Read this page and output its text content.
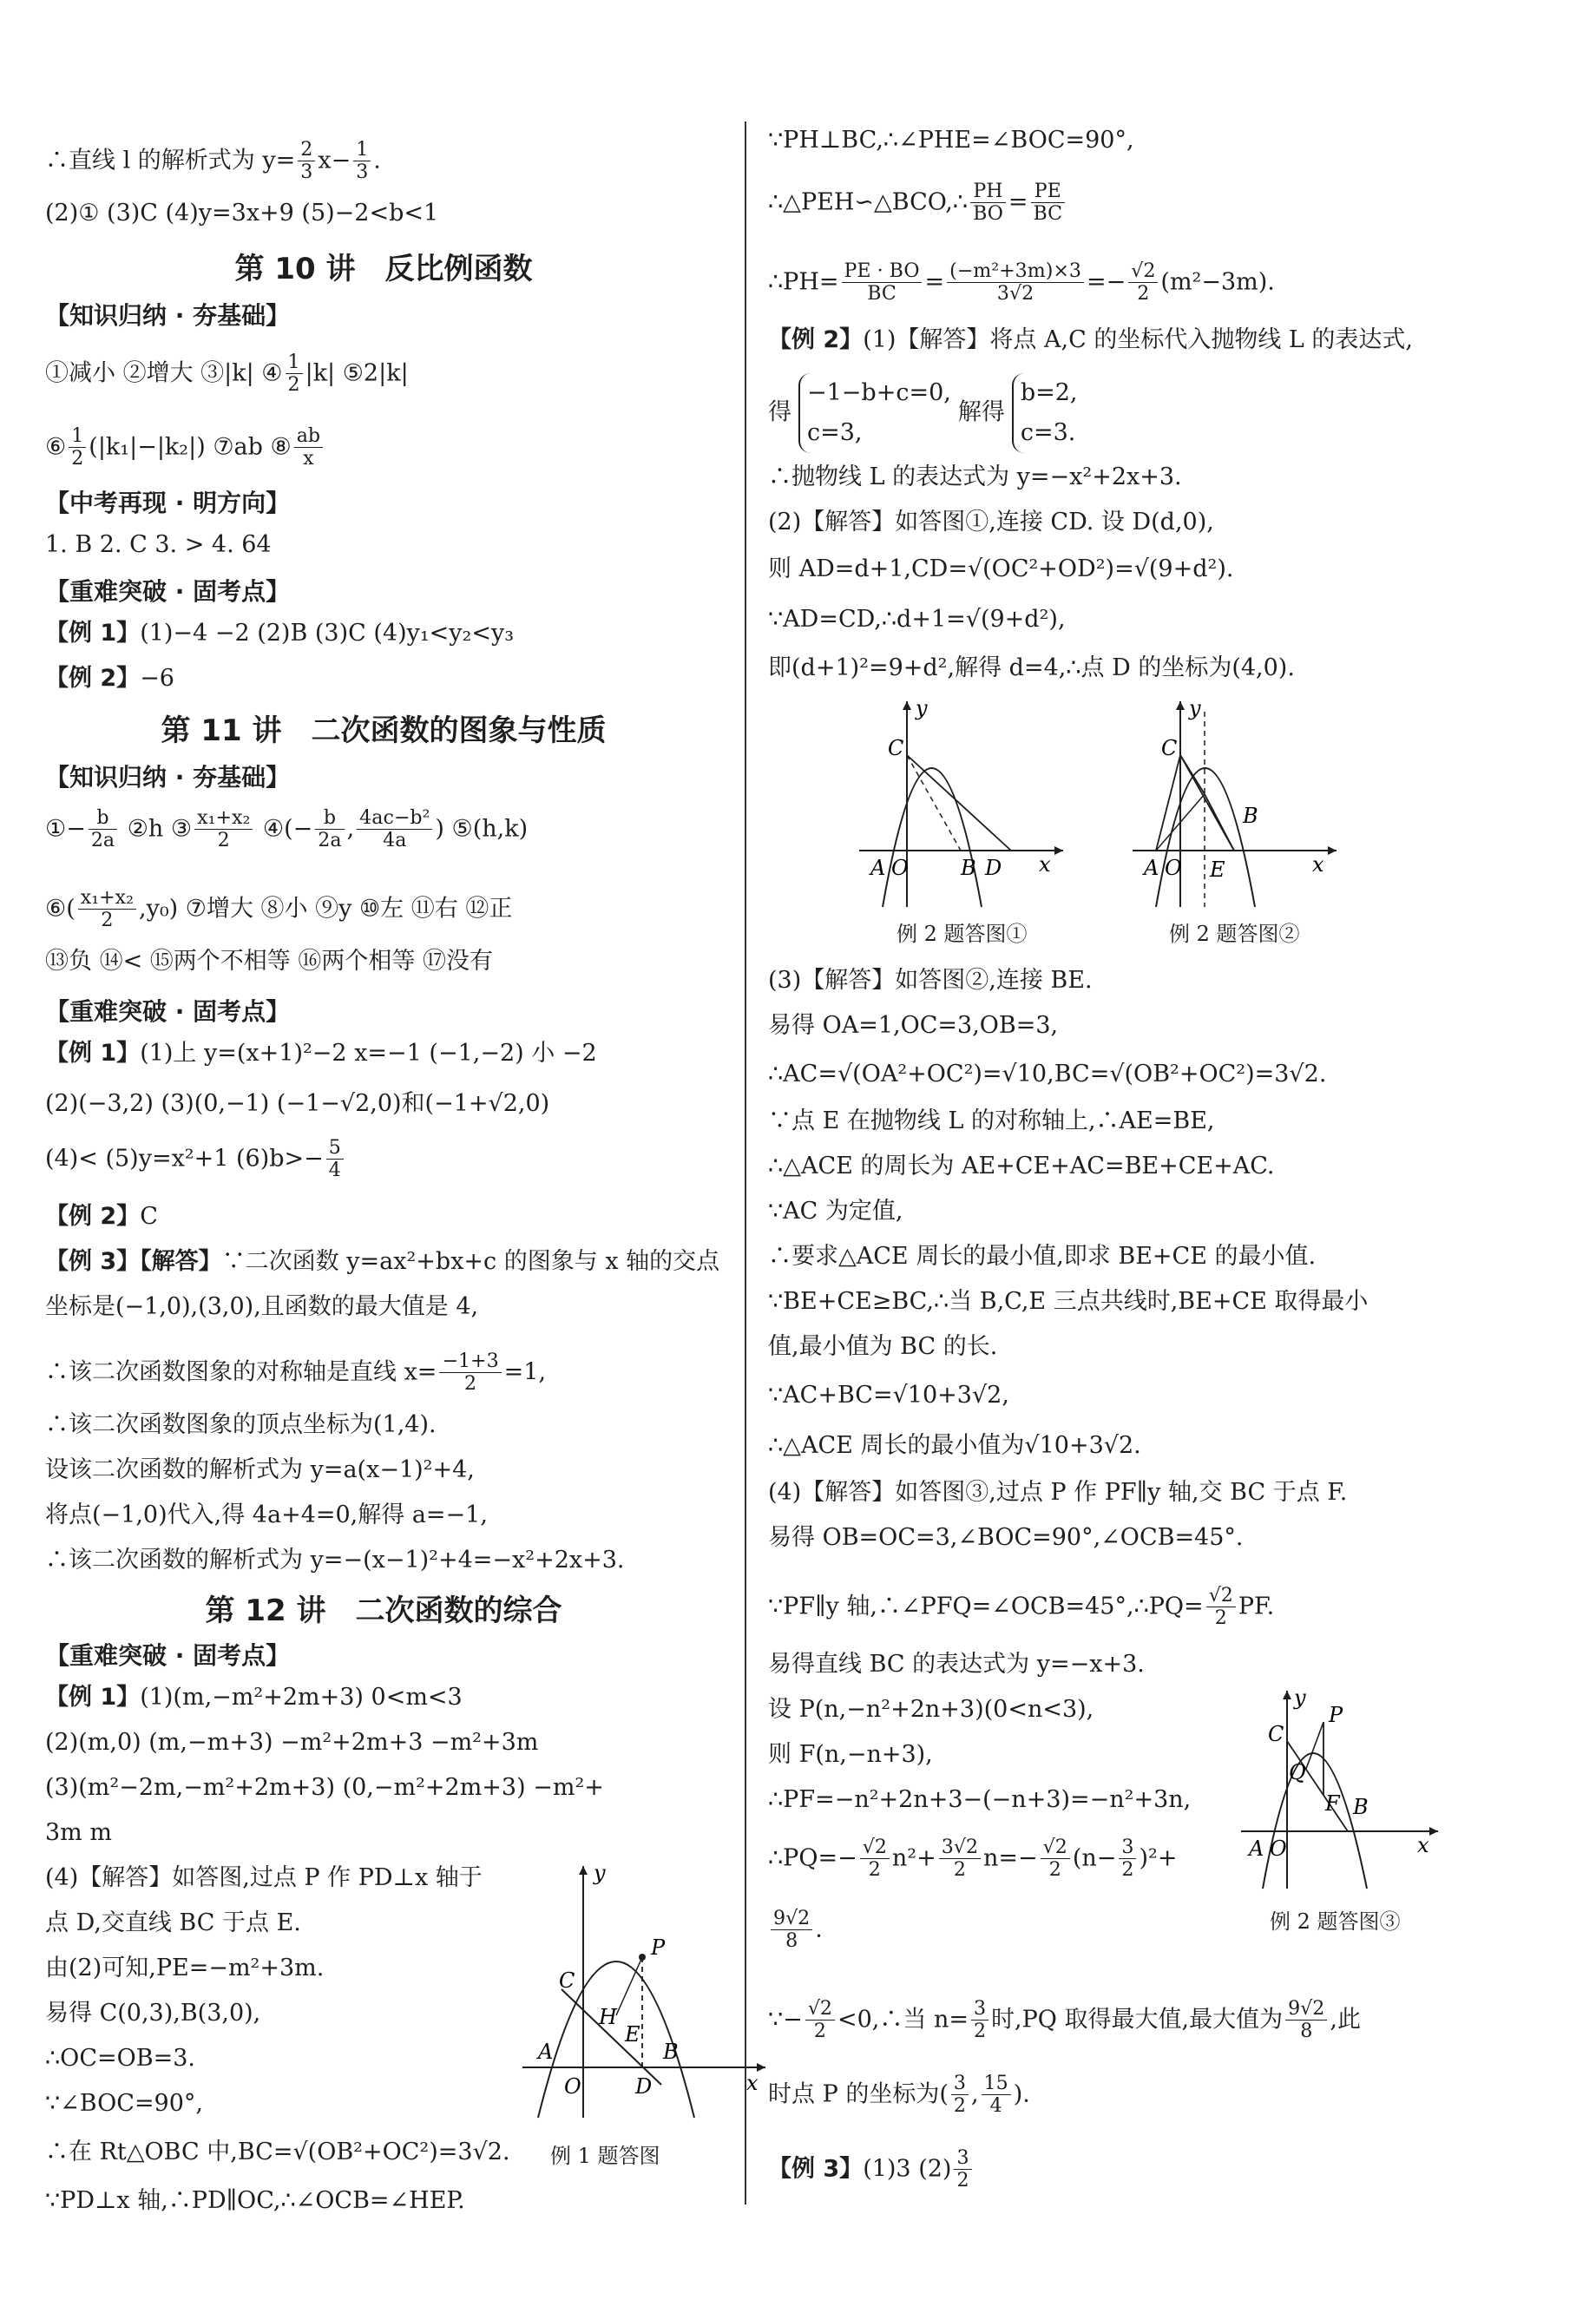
∴直线 l 的解析式为 $y= \frac{2}{3} x- \frac{1}{3}$ .
(2)① (3)C (4)y=3x+9 (5)−2<b<1
第 10 讲　反比例函数
【知识归纳 · 夯基础】
①减小 ②增大 ③|k| ④ $\frac{1}{2} |k|$ ⑤2|k|
⑥ $\frac{1}{2} (|k_1|-|k_2|)$ ⑦ab ⑧ $\frac{ab}{x}$
【中考再现 · 明方向】
1. B 2. C 3. > 4. 64
【重难突破 · 固考点】
【例 1】(1)−4 −2 (2)B (3)C (4)y₁<y₂<y₃
【例 2】−6
第 11 讲　二次函数的图象与性质
【知识归纳 · 夯基础】
①− $\frac{b}{2a}$ ②h ③ $\frac{\text{x₁+x₂}}{2}$ ④(− $\frac{b}{2a}$ , $\frac{\text{4ac−b²}}{4a}$ ) ⑤(h,k)
⑥( $\frac{\text{x₁+x₂}}{2} ,y_0$) ⑦增大 ⑧小 ⑨y ⑩左 ⑪右 ⑫正
⑬负 ⑭< ⑮两个不相等 ⑯两个相等 ⑰没有
【重难突破 · 固考点】
【例 1】(1)上 y=(x+1)²−2 x=−1 (−1,−2) 小 −2
(2)(−3,2) (3)(0,−1) (−1−√2,0)和(−1+√2,0)
(4)< (5)y=x²+1 $(6)b>- \frac{5}{4}$
【例 2】C
【例 3】【解答】∵二次函数 y=ax²+bx+c 的图象与 x 轴的交点
坐标是(−1,0),(3,0),且函数的最大值是 4,
∴该二次函数图象的对称轴是直线 $x= \frac{-1+3}{2} =1$,
∴该二次函数图象的顶点坐标为(1,4).
设该二次函数的解析式为 y=a(x−1)²+4,
将点(−1,0)代入,得 4a+4=0,解得 a=−1,
∴该二次函数的解析式为 y=−(x−1)²+4=−x²+2x+3.
第 12 讲　二次函数的综合
【重难突破 · 固考点】
【例 1】(1)(m,−m²+2m+3) 0<m<3
(2)(m,0) (m,−m+3) −m²+2m+3 −m²+3m
(3)(m²−2m,−m²+2m+3) (0,−m²+2m+3) −m²+
3m m
(4)【解答】如答图,过点 P 作 PD⊥x 轴于
点 D,交直线 BC 于点 E.
由(2)可知,PE=−m²+3m.
易得 C(0,3),B(3,0),
∴OC=OB=3.
∵∠BOC=90°,
∴在 Rt△OBC 中,BC=√(OB²+OC²)=3√2.
∵PD⊥x 轴,∴PD∥OC,∴∠OCB=∠HEP.
C
P
H
E
B
A
O	D	x
y
例 1 题答图
∵PH⊥BC,∴∠PHE=∠BOC=90°,
∴△PEH∽△BCO,∴ $\frac{PH}{BO} = \frac{PE}{BC}$
∴PH= $\frac{PE \cdot BO}{BC} = \frac{\text{(−m²+3m)×3}}{3√2} =- \frac{√2}{2} (m^2-3m)$.
【例 2】(1)【解答】将点 A,C 的坐标代入抛物线 L 的表达式,
得
−1−b+c=0,
c=3,
解得
b=2,
c=3.
∴抛物线 L 的表达式为 y=−x²+2x+3.
(2)【解答】如答图①,连接 CD. 设 D(d,0),
则 AD=d+1,CD=√(OC²+OD²)=√(9+d²).
∵AD=CD,∴d+1=√(9+d²),
即(d+1)²=9+d²,解得 d=4,∴点 D 的坐标为(4,0).
C
A O	B D x
y
例 2 题答图①
C
A O
B
E	x
y
例 2 题答图②
(3)【解答】如答图②,连接 BE.
易得 OA=1,OC=3,OB=3,
∴AC=√(OA²+OC²)=√10,BC=√(OB²+OC²)=3√2.
∵点 E 在抛物线 L 的对称轴上,∴AE=BE,
∴△ACE 的周长为 AE+CE+AC=BE+CE+AC.
∵AC 为定值,
∴要求△ACE 周长的最小值,即求 BE+CE 的最小值.
∵BE+CE≥BC,∴当 B,C,E 三点共线时,BE+CE 取得最小
值,最小值为 BC 的长.
∵AC+BC=√10+3√2,
∴△ACE 周长的最小值为√10+3√2.
(4)【解答】如答图③,过点 P 作 PF∥y 轴,交 BC 于点 F.
易得 OB=OC=3,∠BOC=90°,∠OCB=45°.
∵PF∥y 轴,∴∠PFQ=∠OCB=45°,∴PQ= $\frac{√2}{2}$ PF.
易得直线 BC 的表达式为 y=−x+3.
设 P(n,−n²+2n+3)(0<n<3),
则 F(n,−n+3),
∴PF=−n²+2n+3−(−n+3)=−n²+3n,
∴PQ=− $\frac{√2}{2} n^2+ \frac{3√2}{2} n=- \frac{√2}{2} (n- \frac{3}{2} )^2+$
$\frac{9√2}{8}$ .
C
P
Q
F B
A O	x
y
例 2 题答图③
∵− $\frac{√2}{2}$ <0,∴当 $n= \frac{3}{2}$ 时,PQ 取得最大值,最大值为 $\frac{9√2}{8}$ ,此
时点 P 的坐标为( $\frac{3}{2}$ , $\frac{15}{4}$ ).
【例 3】(1)3 $(2) \frac{3}{2}$
